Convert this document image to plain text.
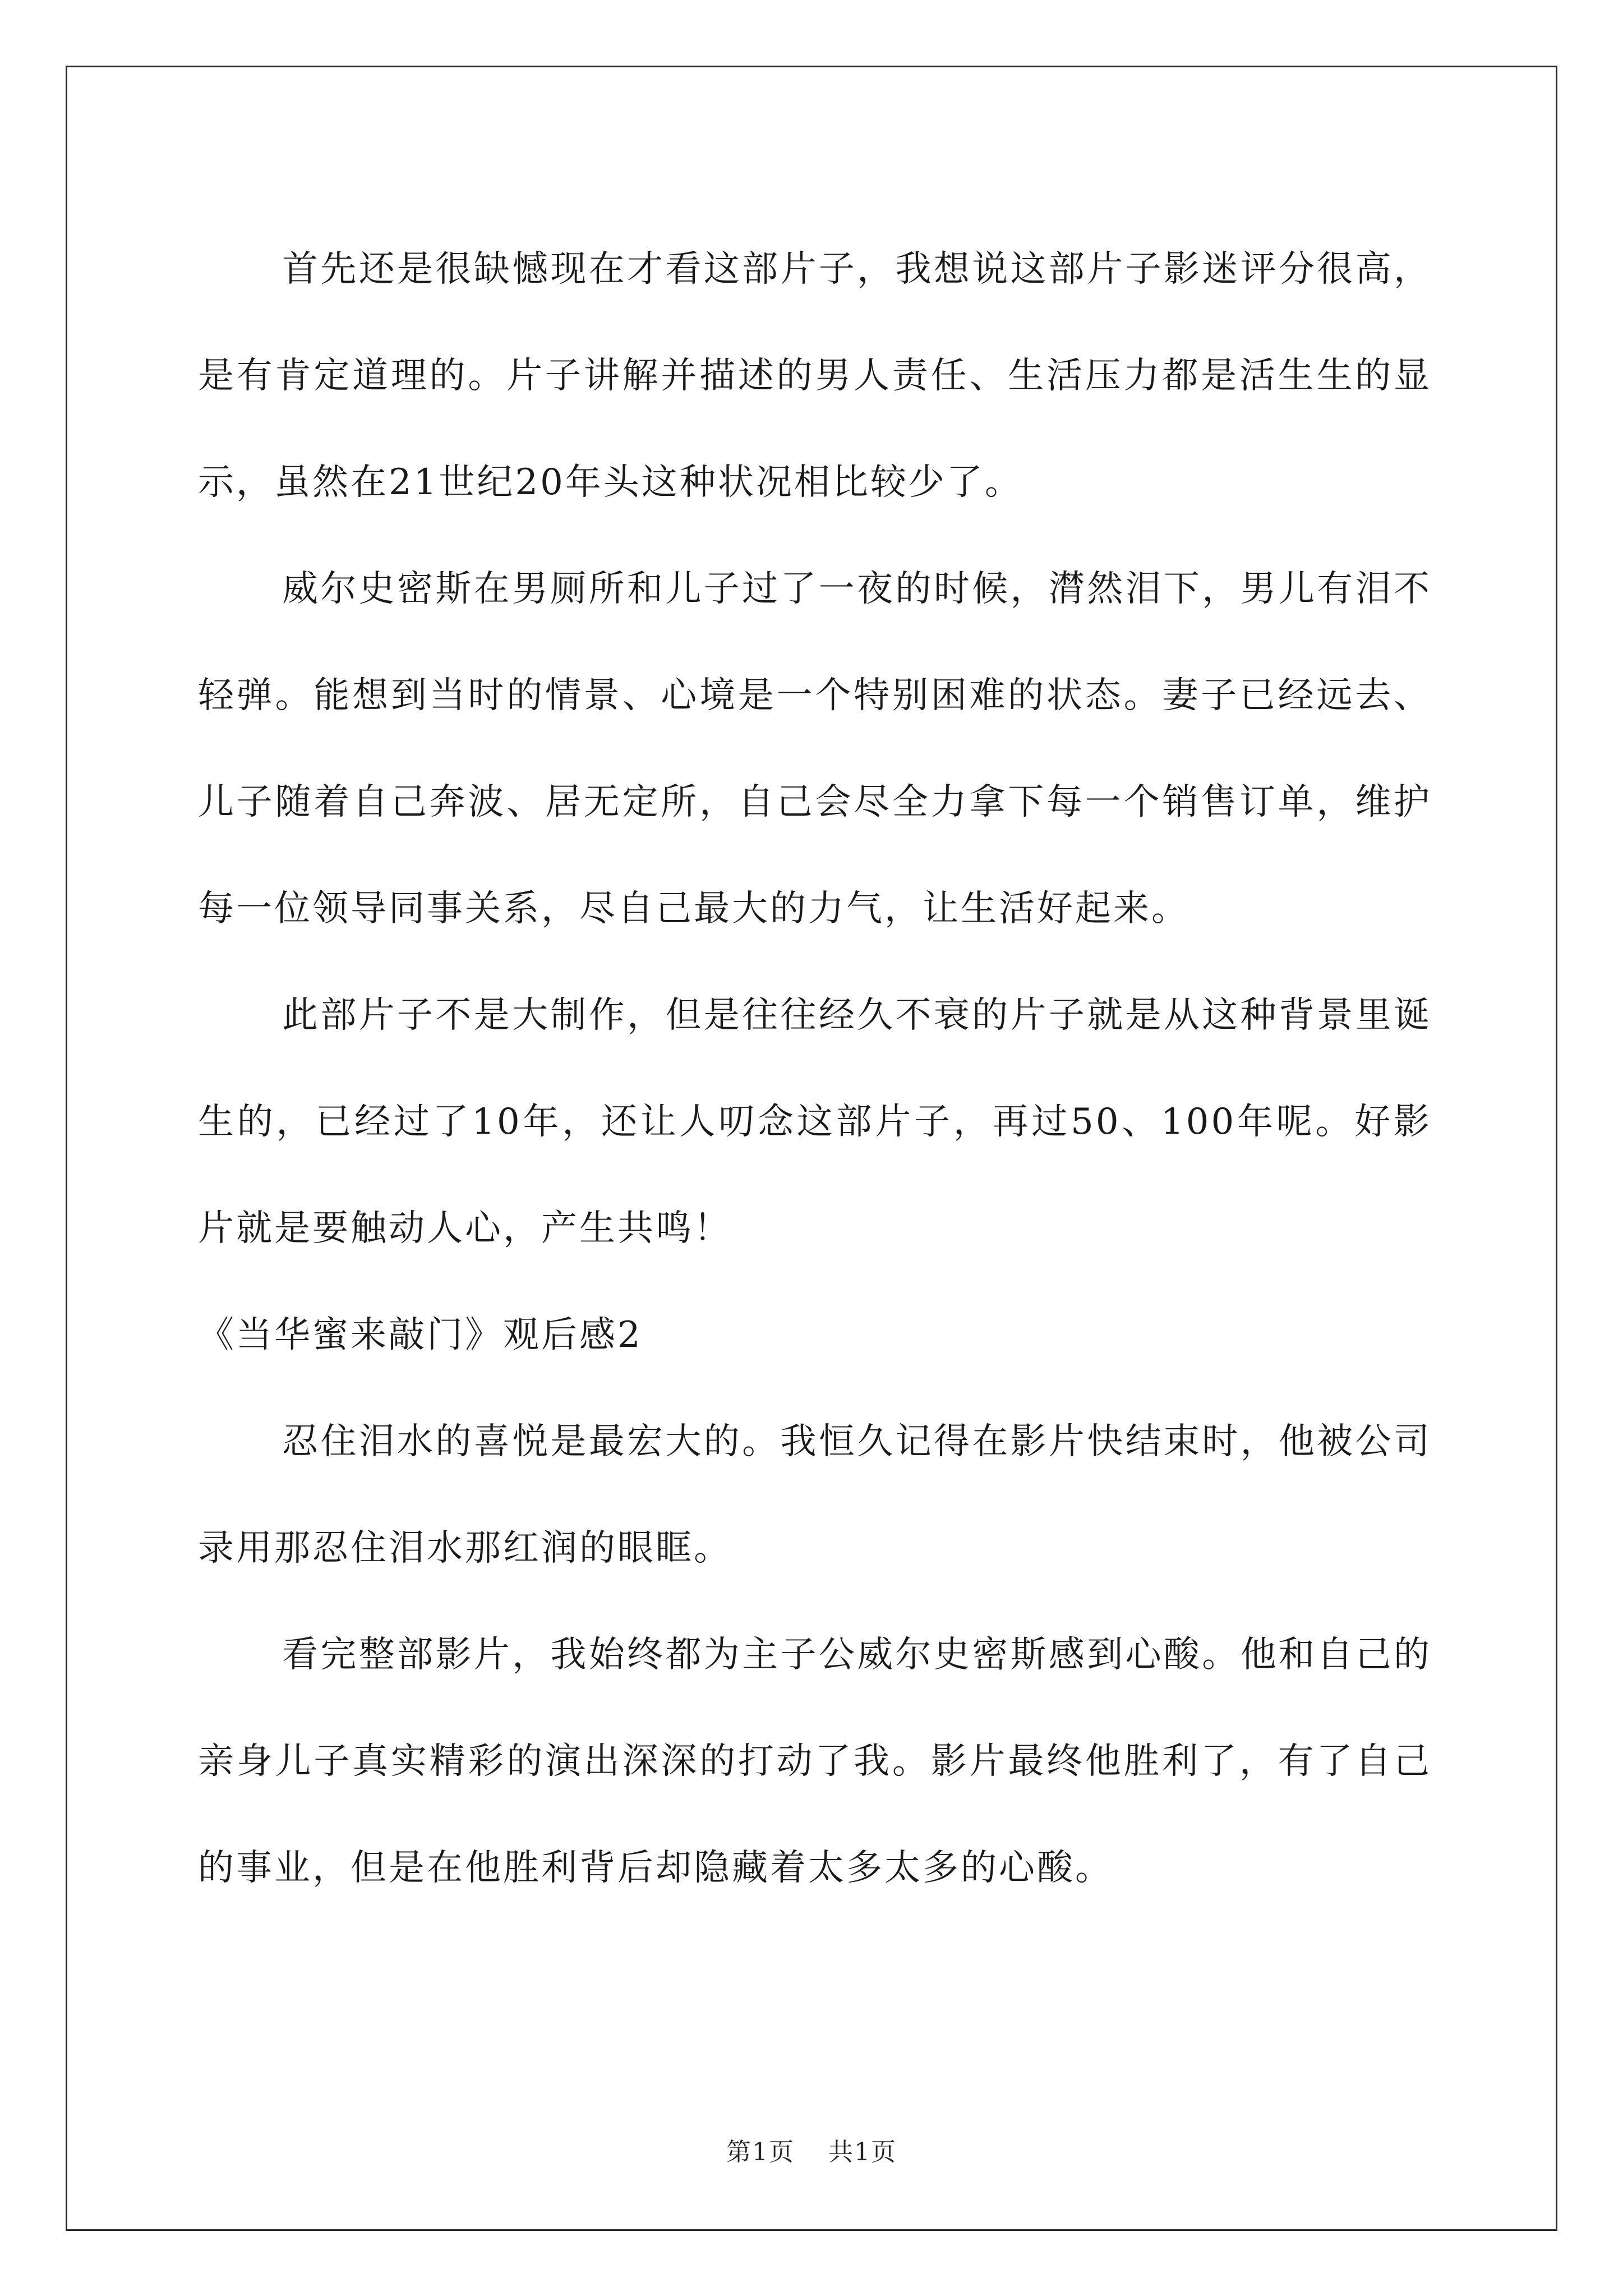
首先还是很缺憾现在才看这部片子，我想说这部片子影迷评分很高，是有肯定道理的。片子讲解并描述的男人责任、生活压力都是活生生的显示，虽然在21世纪20年头这种状况相比较少了。

威尔史密斯在男厕所和儿子过了一夜的时候，潸然泪下，男儿有泪不轻弹。能想到当时的情景、心境是一个特别困难的状态。妻子已经远去、儿子随着自己奔波、居无定所，自己会尽全力拿下每一个销售订单，维护每一位领导同事关系，尽自己最大的力气，让生活好起来。

此部片子不是大制作，但是往往经久不衰的片子就是从这种背景里诞生的，已经过了10年，还让人叨念这部片子，再过50、100年呢。好影片就是要触动人心，产生共鸣！

《当华蜜来敲门》观后感2

忍住泪水的喜悦是最宏大的。我恒久记得在影片快结束时，他被公司录用那忍住泪水那红润的眼眶。

看完整部影片，我始终都为主子公威尔史密斯感到心酸。他和自己的亲身儿子真实精彩的演出深深的打动了我。影片最终他胜利了，有了自己的事业，但是在他胜利背后却隐藏着太多太多的心酸。

第1页 共1页
